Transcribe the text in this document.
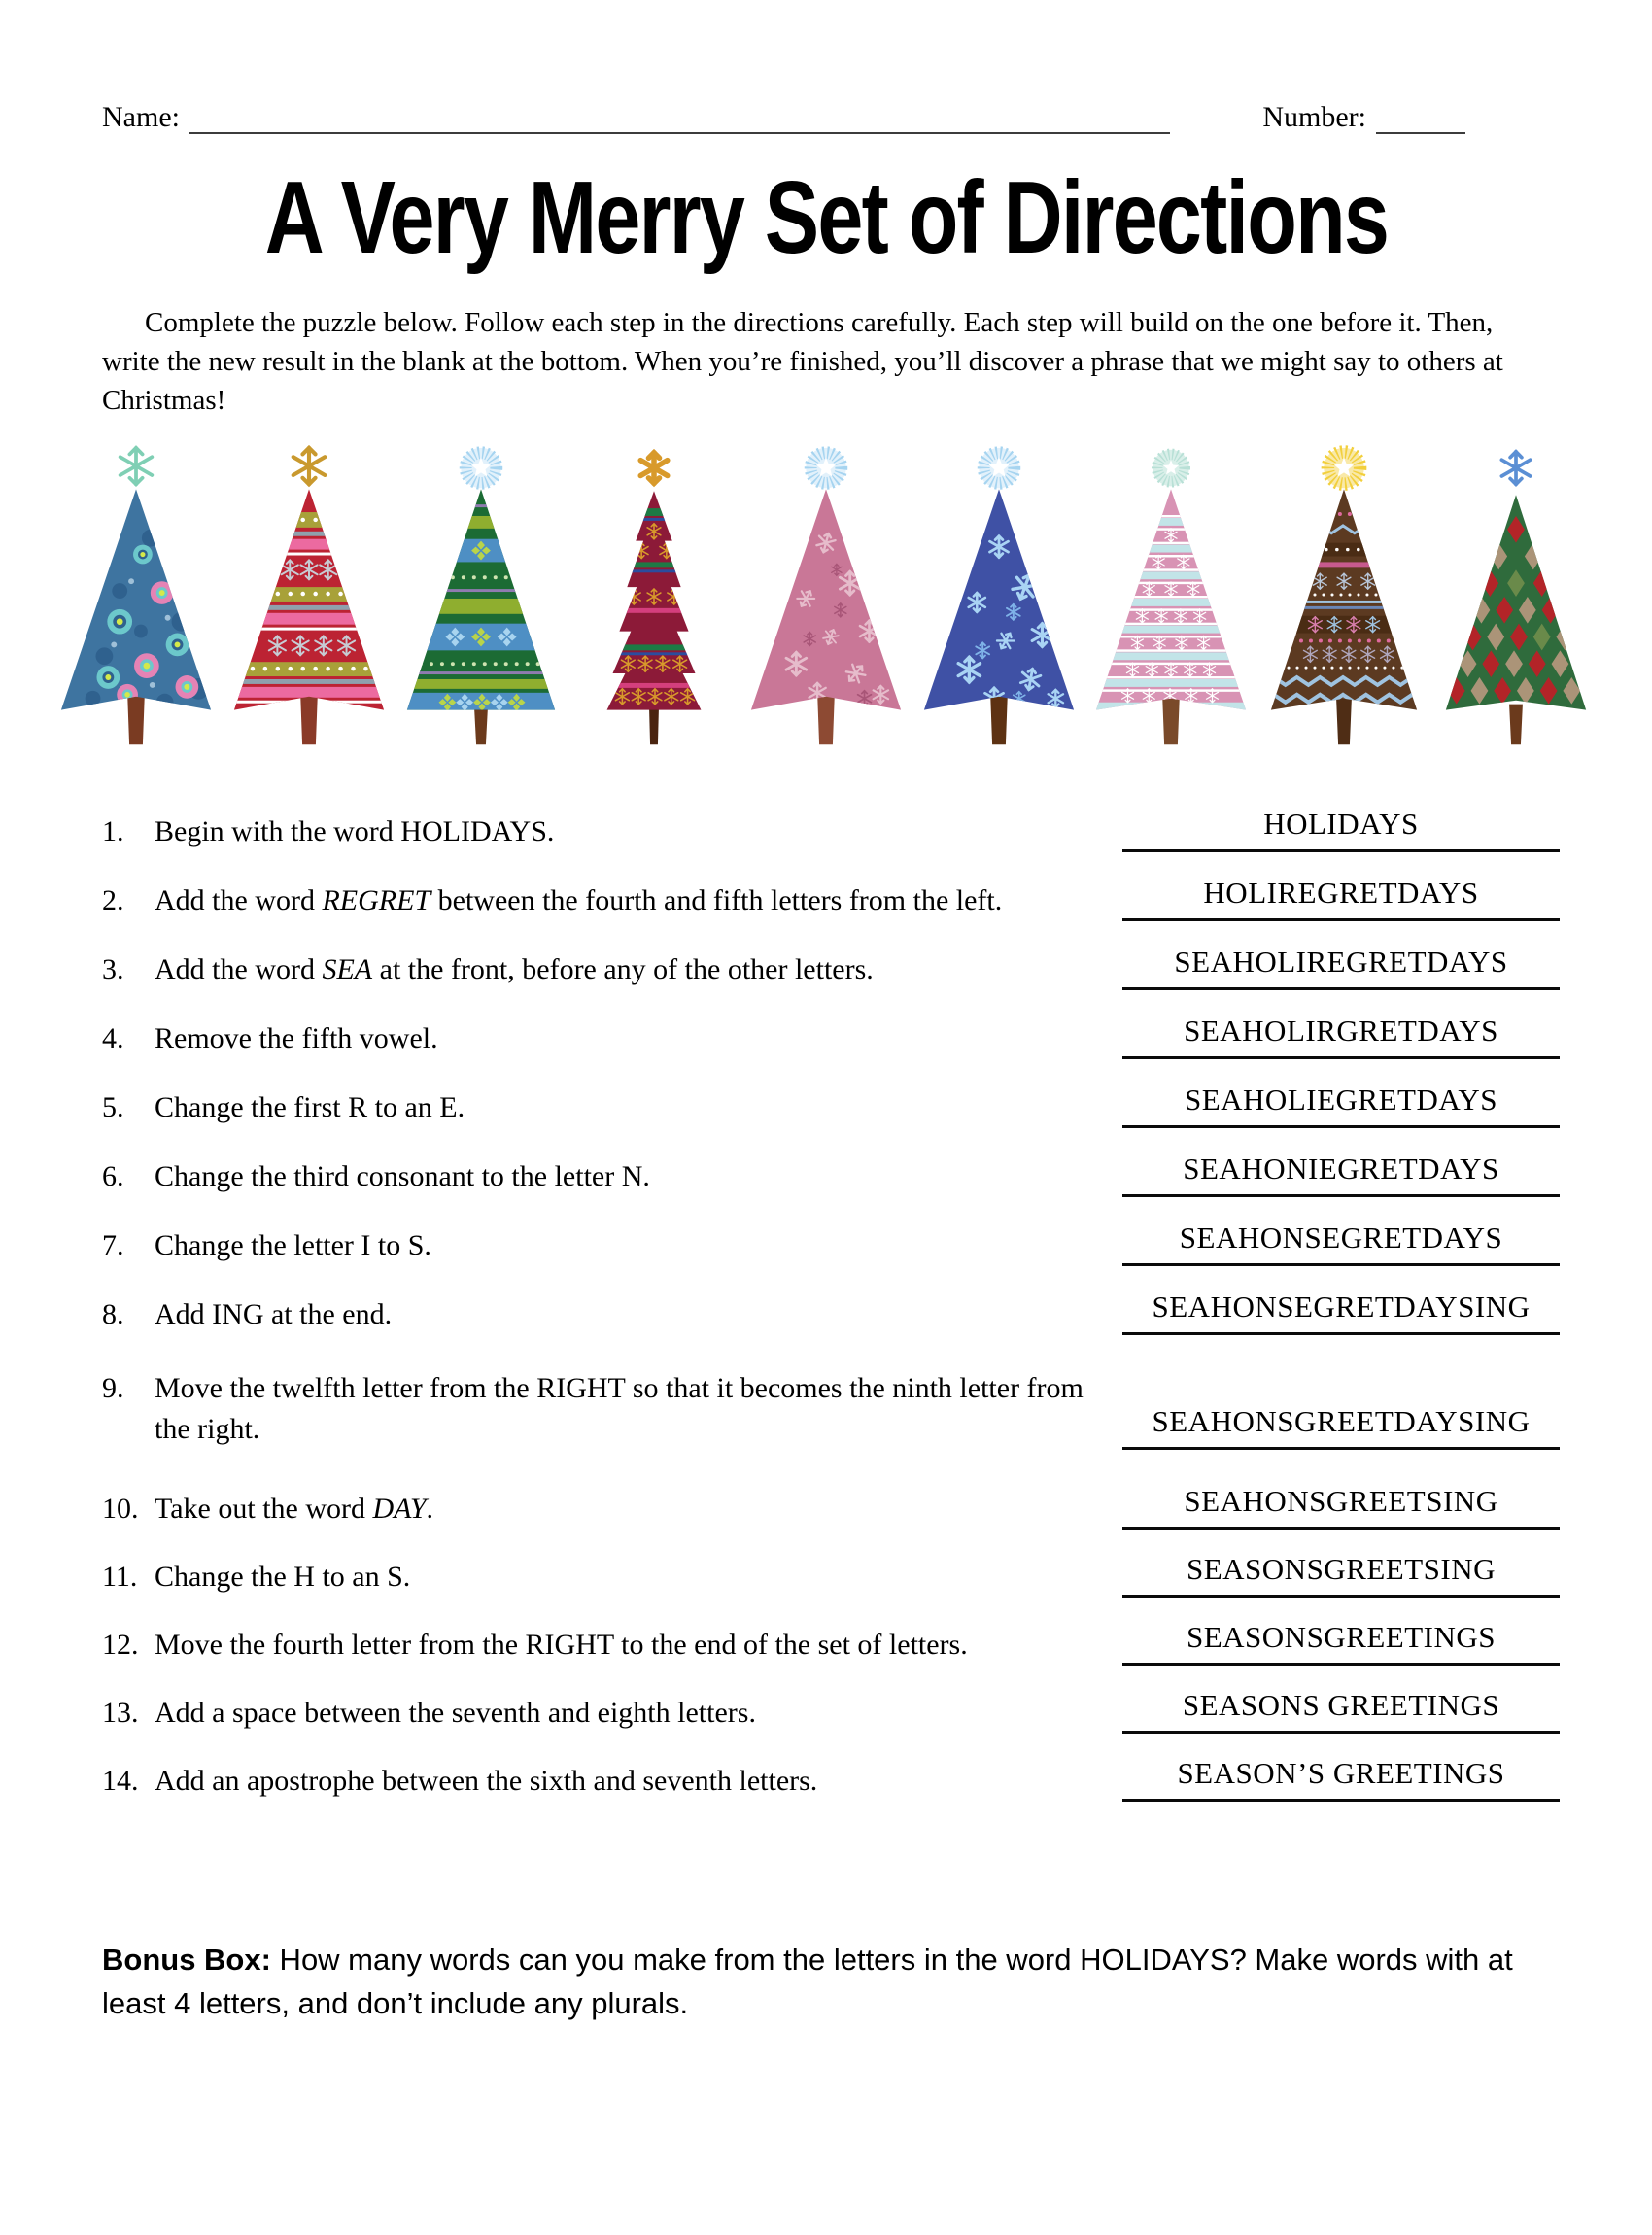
Name:	Number:
A Very Merry Set of Directions

Complete the puzzle below. Follow each step in the directions carefully. Each step will build on the one before it. Then, write the new result in the blank at the bottom. When you’re finished, you’ll discover a phrase that we might say to others at Christmas!

1.	Begin with the word HOLIDAYS.	HOLIDAYS
2.	Add the word REGRET between the fourth and fifth letters from the left.	HOLIREGRETDAYS
3.	Add the word SEA at the front, before any of the other letters.	SEAHOLIREGRETDAYS
4.	Remove the fifth vowel.	SEAHOLIRGRETDAYS
5.	Change the first R to an E.	SEAHOLIEGRETDAYS
6.	Change the third consonant to the letter N.	SEAHONIEGRETDAYS
7.	Change the letter I to S.	SEAHONSEGRETDAYS
8.	Add ING at the end.	SEAHONSEGRETDAYSING
9.	Move the twelfth letter from the RIGHT so that it becomes the ninth letter from the right.	SEAHONSGREETDAYSING
10. Take out the word DAY.	SEAHONSGREETSING
11. Change the H to an S.	SEASONSGREETSING
12. Move the fourth letter from the RIGHT to the end of the set of letters.	SEASONSGREETINGS
13. Add a space between the seventh and eighth letters.	SEASONS GREETINGS
14. Add an apostrophe between the sixth and seventh letters.	SEASON’S GREETINGS

Bonus Box: How many words can you make from the letters in the word HOLIDAYS? Make words with at least 4 letters, and don’t include any plurals.
